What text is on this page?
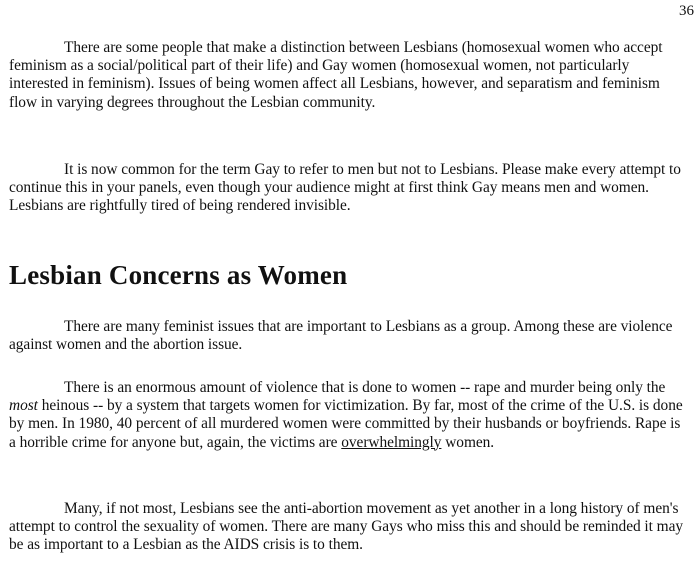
36

There are some people that make a distinction between Lesbians (homosexual women who accept feminism as a social/political part of their life) and Gay women (homosexual women, not particularly interested in feminism). Issues of being women affect all Lesbians, however, and separatism and feminism flow in varying degrees throughout the Lesbian community.

It is now common for the term Gay to refer to men but not to Lesbians. Please make every attempt to continue this in your panels, even though your audience might at first think Gay means men and women. Lesbians are rightfully tired of being rendered invisible.

Lesbian Concerns as Women

There are many feminist issues that are important to Lesbians as a group. Among these are violence against women and the abortion issue.

There is an enormous amount of violence that is done to women -- rape and murder being only the most heinous -- by a system that targets women for victimization. By far, most of the crime of the U.S. is done by men. In 1980, 40 percent of all murdered women were committed by their husbands or boyfriends. Rape is a horrible crime for anyone but, again, the victims are overwhelmingly women.

Many, if not most, Lesbians see the anti-abortion movement as yet another in a long history of men's attempt to control the sexuality of women. There are many Gays who miss this and should be reminded it may be as important to a Lesbian as the AIDS crisis is to them.
